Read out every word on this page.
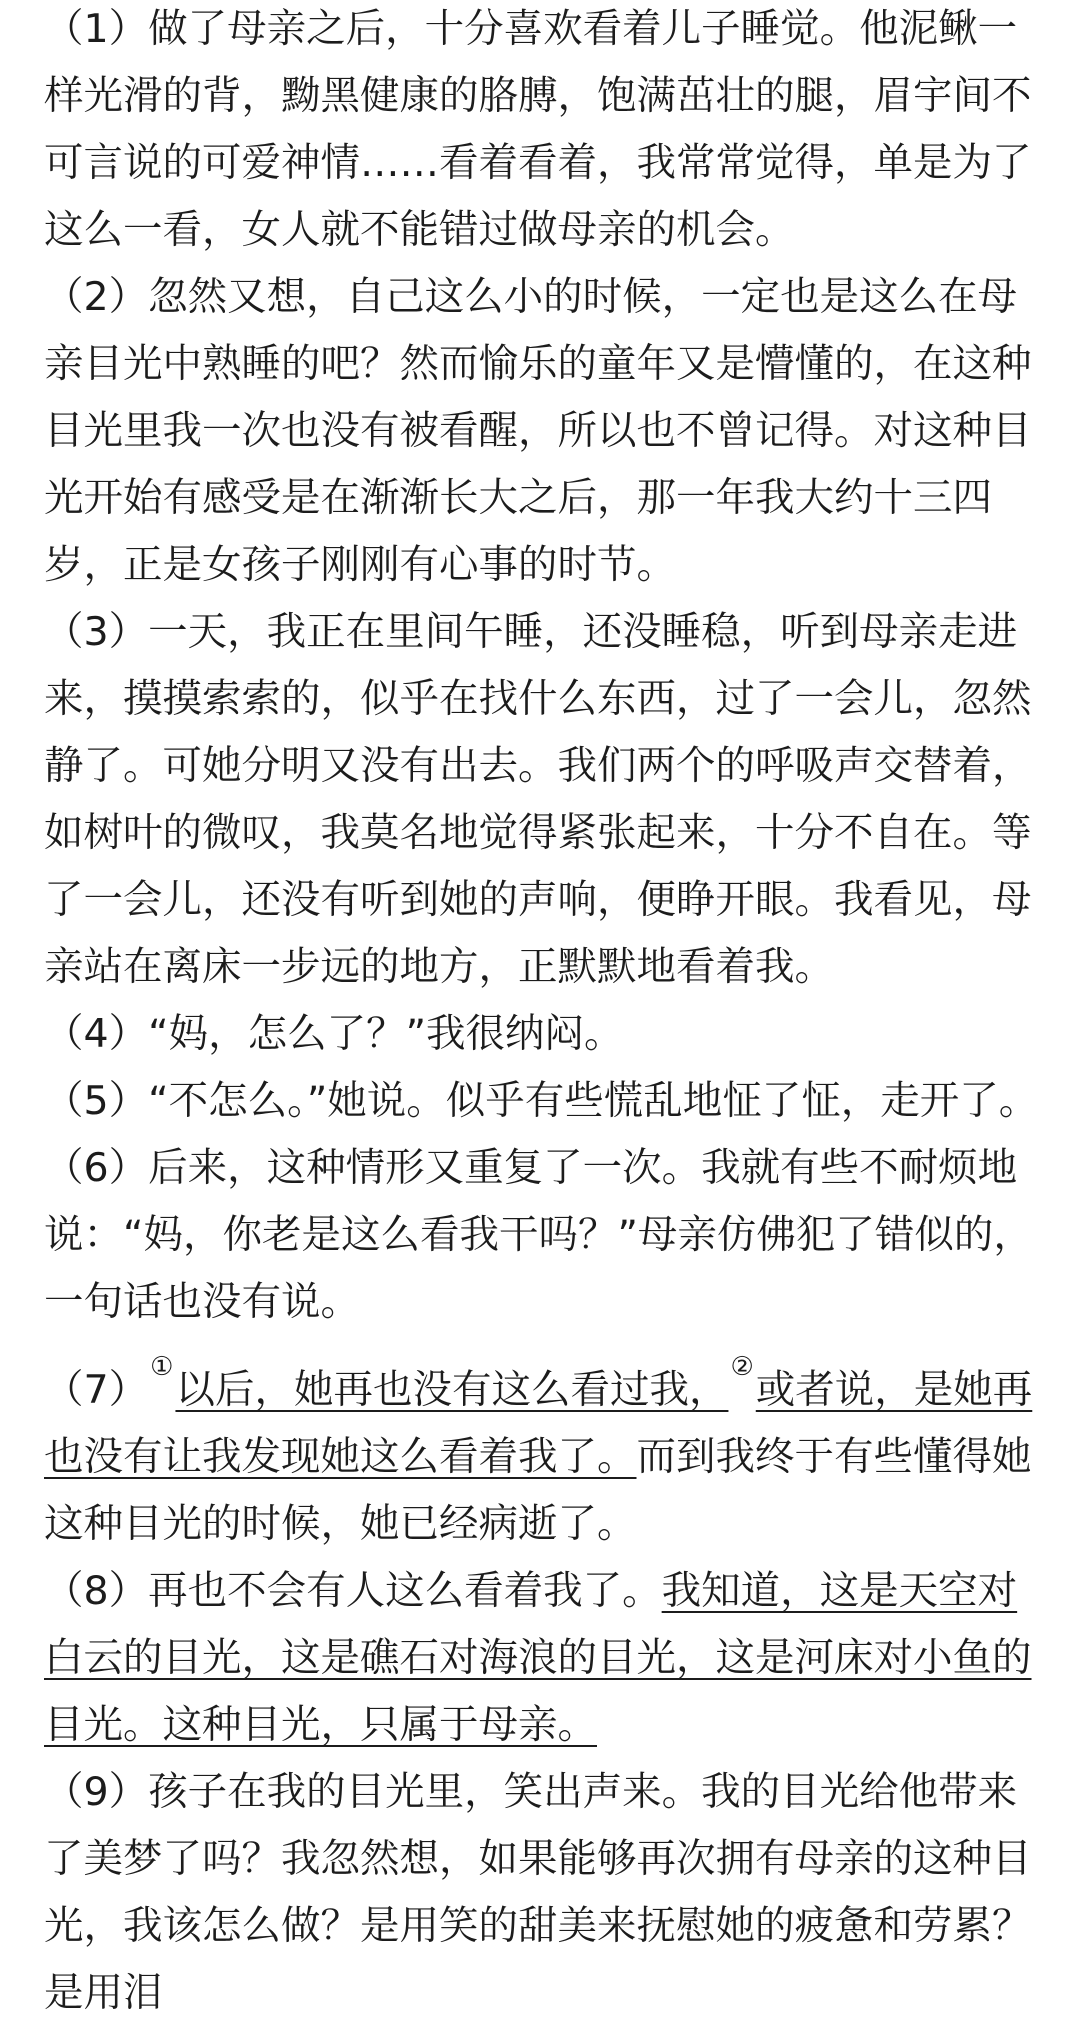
（1）做了母亲之后，十分喜欢看着儿子睡觉。他泥鳅一样光滑的背，黝黑健康的胳膊，饱满茁壮的腿，眉宇间不可言说的可爱神情……看着看着，我常常觉得，单是为了这么一看，女人就不能错过做母亲的机会。

（2）忽然又想，自己这么小的时候，一定也是这么在母亲目光中熟睡的吧？然而愉乐的童年又是懵懂的，在这种目光里我一次也没有被看醒，所以也不曾记得。对这种目光开始有感受是在渐渐长大之后，那一年我大约十三四岁，正是女孩子刚刚有心事的时节。

（3）一天，我正在里间午睡，还没睡稳，听到母亲走进来，摸摸索索的，似乎在找什么东西，过了一会儿，忽然静了。可她分明又没有出去。我们两个的呼吸声交替着，如树叶的微叹，我莫名地觉得紧张起来，十分不自在。等了一会儿，还没有听到她的声响，便睁开眼。我看见，母亲站在离床一步远的地方，正默默地看着我。

（4）“妈，怎么了？”我很纳闷。

（5）“不怎么。”她说。似乎有些慌乱地怔了怔，走开了。

（6）后来，这种情形又重复了一次。我就有些不耐烦地说：“妈，你老是这么看我干吗？”母亲仿佛犯了错似的，一句话也没有说。

（7）①以后，她再也没有这么看过我，②或者说，是她再也没有让我发现她这么看着我了。而到我终于有些懂得她这种目光的时候，她已经病逝了。

（8）再也不会有人这么看着我了。我知道，这是天空对白云的目光，这是礁石对海浪的目光，这是河床对小鱼的目光。这种目光，只属于母亲。

（9）孩子在我的目光里，笑出声来。我的目光给他带来了美梦了吗？我忽然想，如果能够再次拥有母亲的这种目光，我该怎么做？是用笑的甜美来抚慰她的疲惫和劳累？是用泪
